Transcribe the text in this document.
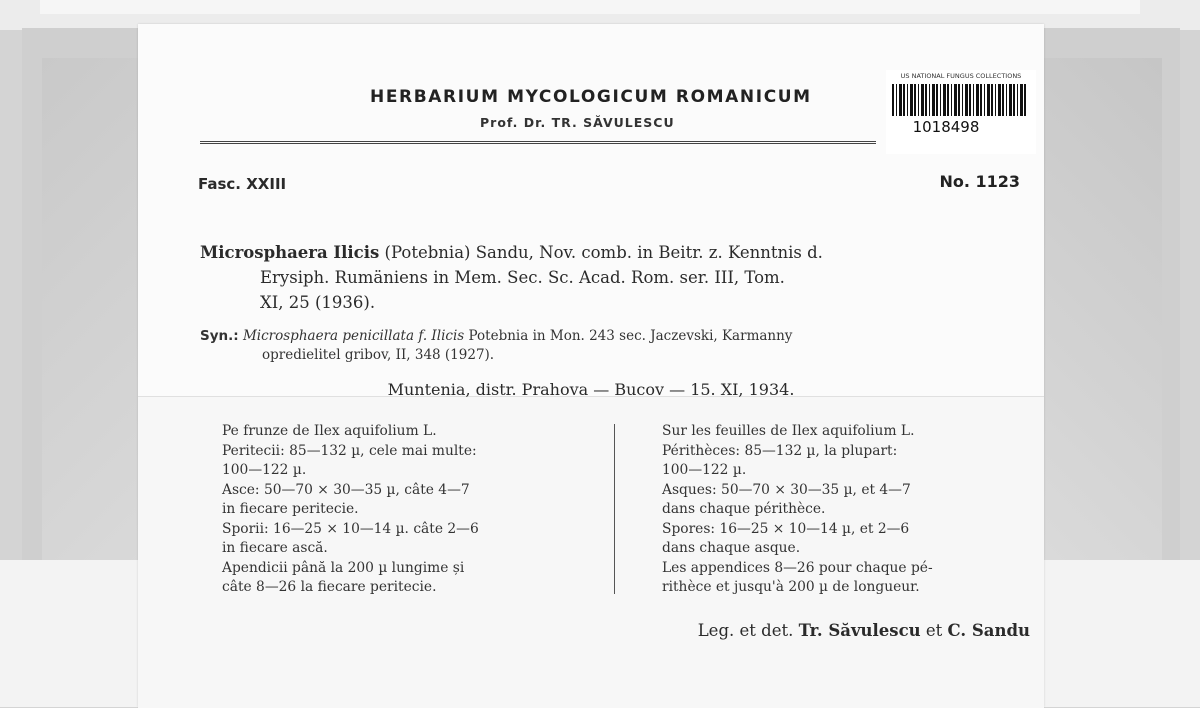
HERBARIUM MYCOLOGICUM ROMANICUM
Prof. Dr. TR. SĂVULESCU
US NATIONAL FUNGUS COLLECTIONS
1018498
Fasc. XXIII	No. 1123
Microsphaera Ilicis (Potebnia) Sandu, Nov. comb. in Beitr. z. Kenntnis d.
Erysiph. Rumäniens in Mem. Sec. Sc. Acad. Rom. ser. III, Tom.
XI, 25 (1936).
Syn.: Microsphaera penicillata f. Ilicis Potebnia in Mon. 243 sec. Jaczevski, Karmanny
opredielitel gribov, II, 348 (1927).
Muntenia, distr. Prahova — Bucov — 15. XI, 1934.
Pe frunze de Ilex aquifolium L.
Peritecii: 85—132 µ, cele mai multe:
100—122 µ.
Asce: 50—70 × 30—35 µ, câte 4—7
in fiecare peritecie.
Sporii: 16—25 × 10—14 µ. câte 2—6
in fiecare ască.
Apendicii până la 200 µ lungime și
câte 8—26 la fiecare peritecie.
Sur les feuilles de Ilex aquifolium L.
Périthèces: 85—132 µ, la plupart:
100—122 µ.
Asques: 50—70 × 30—35 µ, et 4—7
dans chaque périthèce.
Spores: 16—25 × 10—14 µ, et 2—6
dans chaque asque.
Les appendices 8—26 pour chaque pé-
rithèce et jusqu'à 200 µ de longueur.
Leg. et det. Tr. Săvulescu et C. Sandu
